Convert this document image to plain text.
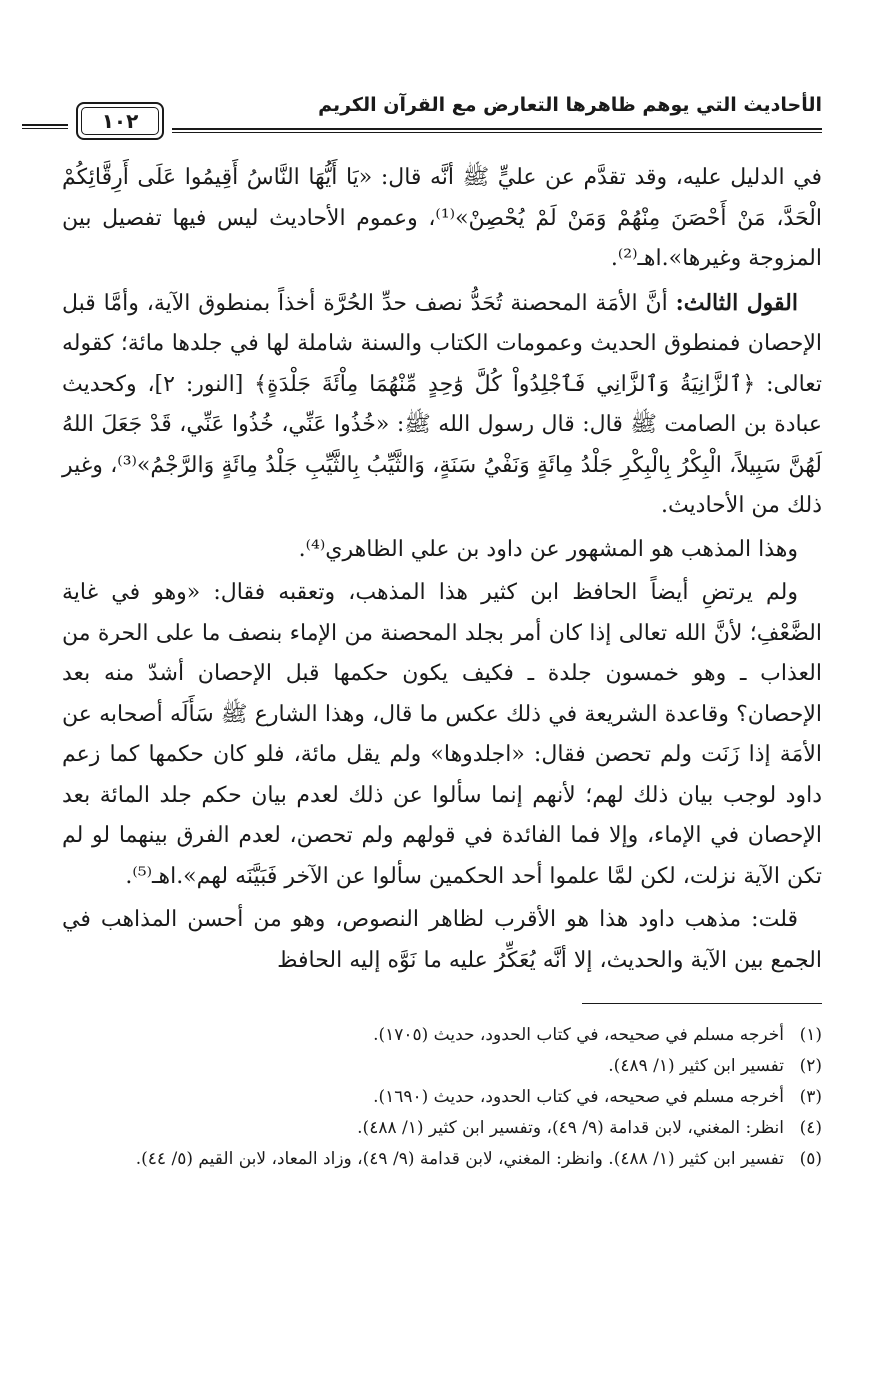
الأحاديث التي يوهم ظاهرها التعارض مع القرآن الكريم
١٠٢

في الدليل عليه، وقد تقدَّم عن عليٍّ ﷺ أنَّه قال: «يَا أَيُّهَا النَّاسُ أَقِيمُوا عَلَى أَرِقَّائِكُمْ الْحَدَّ، مَنْ أَحْصَنَ مِنْهُمْ وَمَنْ لَمْ يُحْصِنْ»⁽¹⁾، وعموم الأحاديث ليس فيها تفصيل بين المزوجة وغيرها».اهـ⁽²⁾.

القول الثالث: أنَّ الأمَة المحصنة تُحَدُّ نصف حدِّ الحُرَّة أخذاً بمنطوق الآية، وأمَّا قبل الإحصان فمنطوق الحديث وعمومات الكتاب والسنة شاملة لها في جلدها مائة؛ كقوله تعالى: ﴿ٱلزَّانِيَةُ وَٱلزَّانِي فَٱجْلِدُواْ كُلَّ وَٰحِدٍ مِّنْهُمَا مِاْئَةَ جَلْدَةٍ﴾ [النور: ٢]، وكحديث عبادة بن الصامت ﷺ قال: قال رسول الله ﷺ: «خُذُوا عَنِّي، خُذُوا عَنِّي، قَدْ جَعَلَ اللهُ لَهُنَّ سَبِيلاً، الْبِكْرُ بِالْبِكْرِ جَلْدُ مِائَةٍ وَنَفْيُ سَنَةٍ، وَالثَّيِّبُ بِالثَّيِّبِ جَلْدُ مِائَةٍ وَالرَّجْمُ»⁽³⁾، وغير ذلك من الأحاديث.

وهذا المذهب هو المشهور عن داود بن علي الظاهري⁽⁴⁾.

ولم يرتضِ أيضاً الحافظ ابن كثير هذا المذهب، وتعقبه فقال: «وهو في غاية الضَّعْفِ؛ لأنَّ الله تعالى إذا كان أمر بجلد المحصنة من الإماء بنصف ما على الحرة من العذاب ـ وهو خمسون جلدة ـ فكيف يكون حكمها قبل الإحصان أشدّ منه بعد الإحصان؟ وقاعدة الشريعة في ذلك عكس ما قال، وهذا الشارع ﷺ سَأَلَه أصحابه عن الأمَة إذا زَنَت ولم تحصن فقال: «اجلدوها» ولم يقل مائة، فلو كان حكمها كما زعم داود لوجب بيان ذلك لهم؛ لأنهم إنما سألوا عن ذلك لعدم بيان حكم جلد المائة بعد الإحصان في الإماء، وإلا فما الفائدة في قولهم ولم تحصن، لعدم الفرق بينهما لو لم تكن الآية نزلت، لكن لمَّا علموا أحد الحكمين سألوا عن الآخر فَبَيَّنَه لهم».اهـ⁽⁵⁾.

قلت: مذهب داود هذا هو الأقرب لظاهر النصوص، وهو من أحسن المذاهب في الجمع بين الآية والحديث، إلا أنَّه يُعَكِّرُ عليه ما نَوَّه إليه الحافظ

(١)
أخرجه مسلم في صحيحه، في كتاب الحدود، حديث (١٧٠٥).
(٢)
تفسير ابن كثير (١/ ٤٨٩).
(٣)
أخرجه مسلم في صحيحه، في كتاب الحدود، حديث (١٦٩٠).
(٤)
انظر: المغني، لابن قدامة (٩/ ٤٩)، وتفسير ابن كثير (١/ ٤٨٨).
(٥)
تفسير ابن كثير (١/ ٤٨٨). وانظر: المغني، لابن قدامة (٩/ ٤٩)، وزاد المعاد، لابن القيم (٥/ ٤٤).
